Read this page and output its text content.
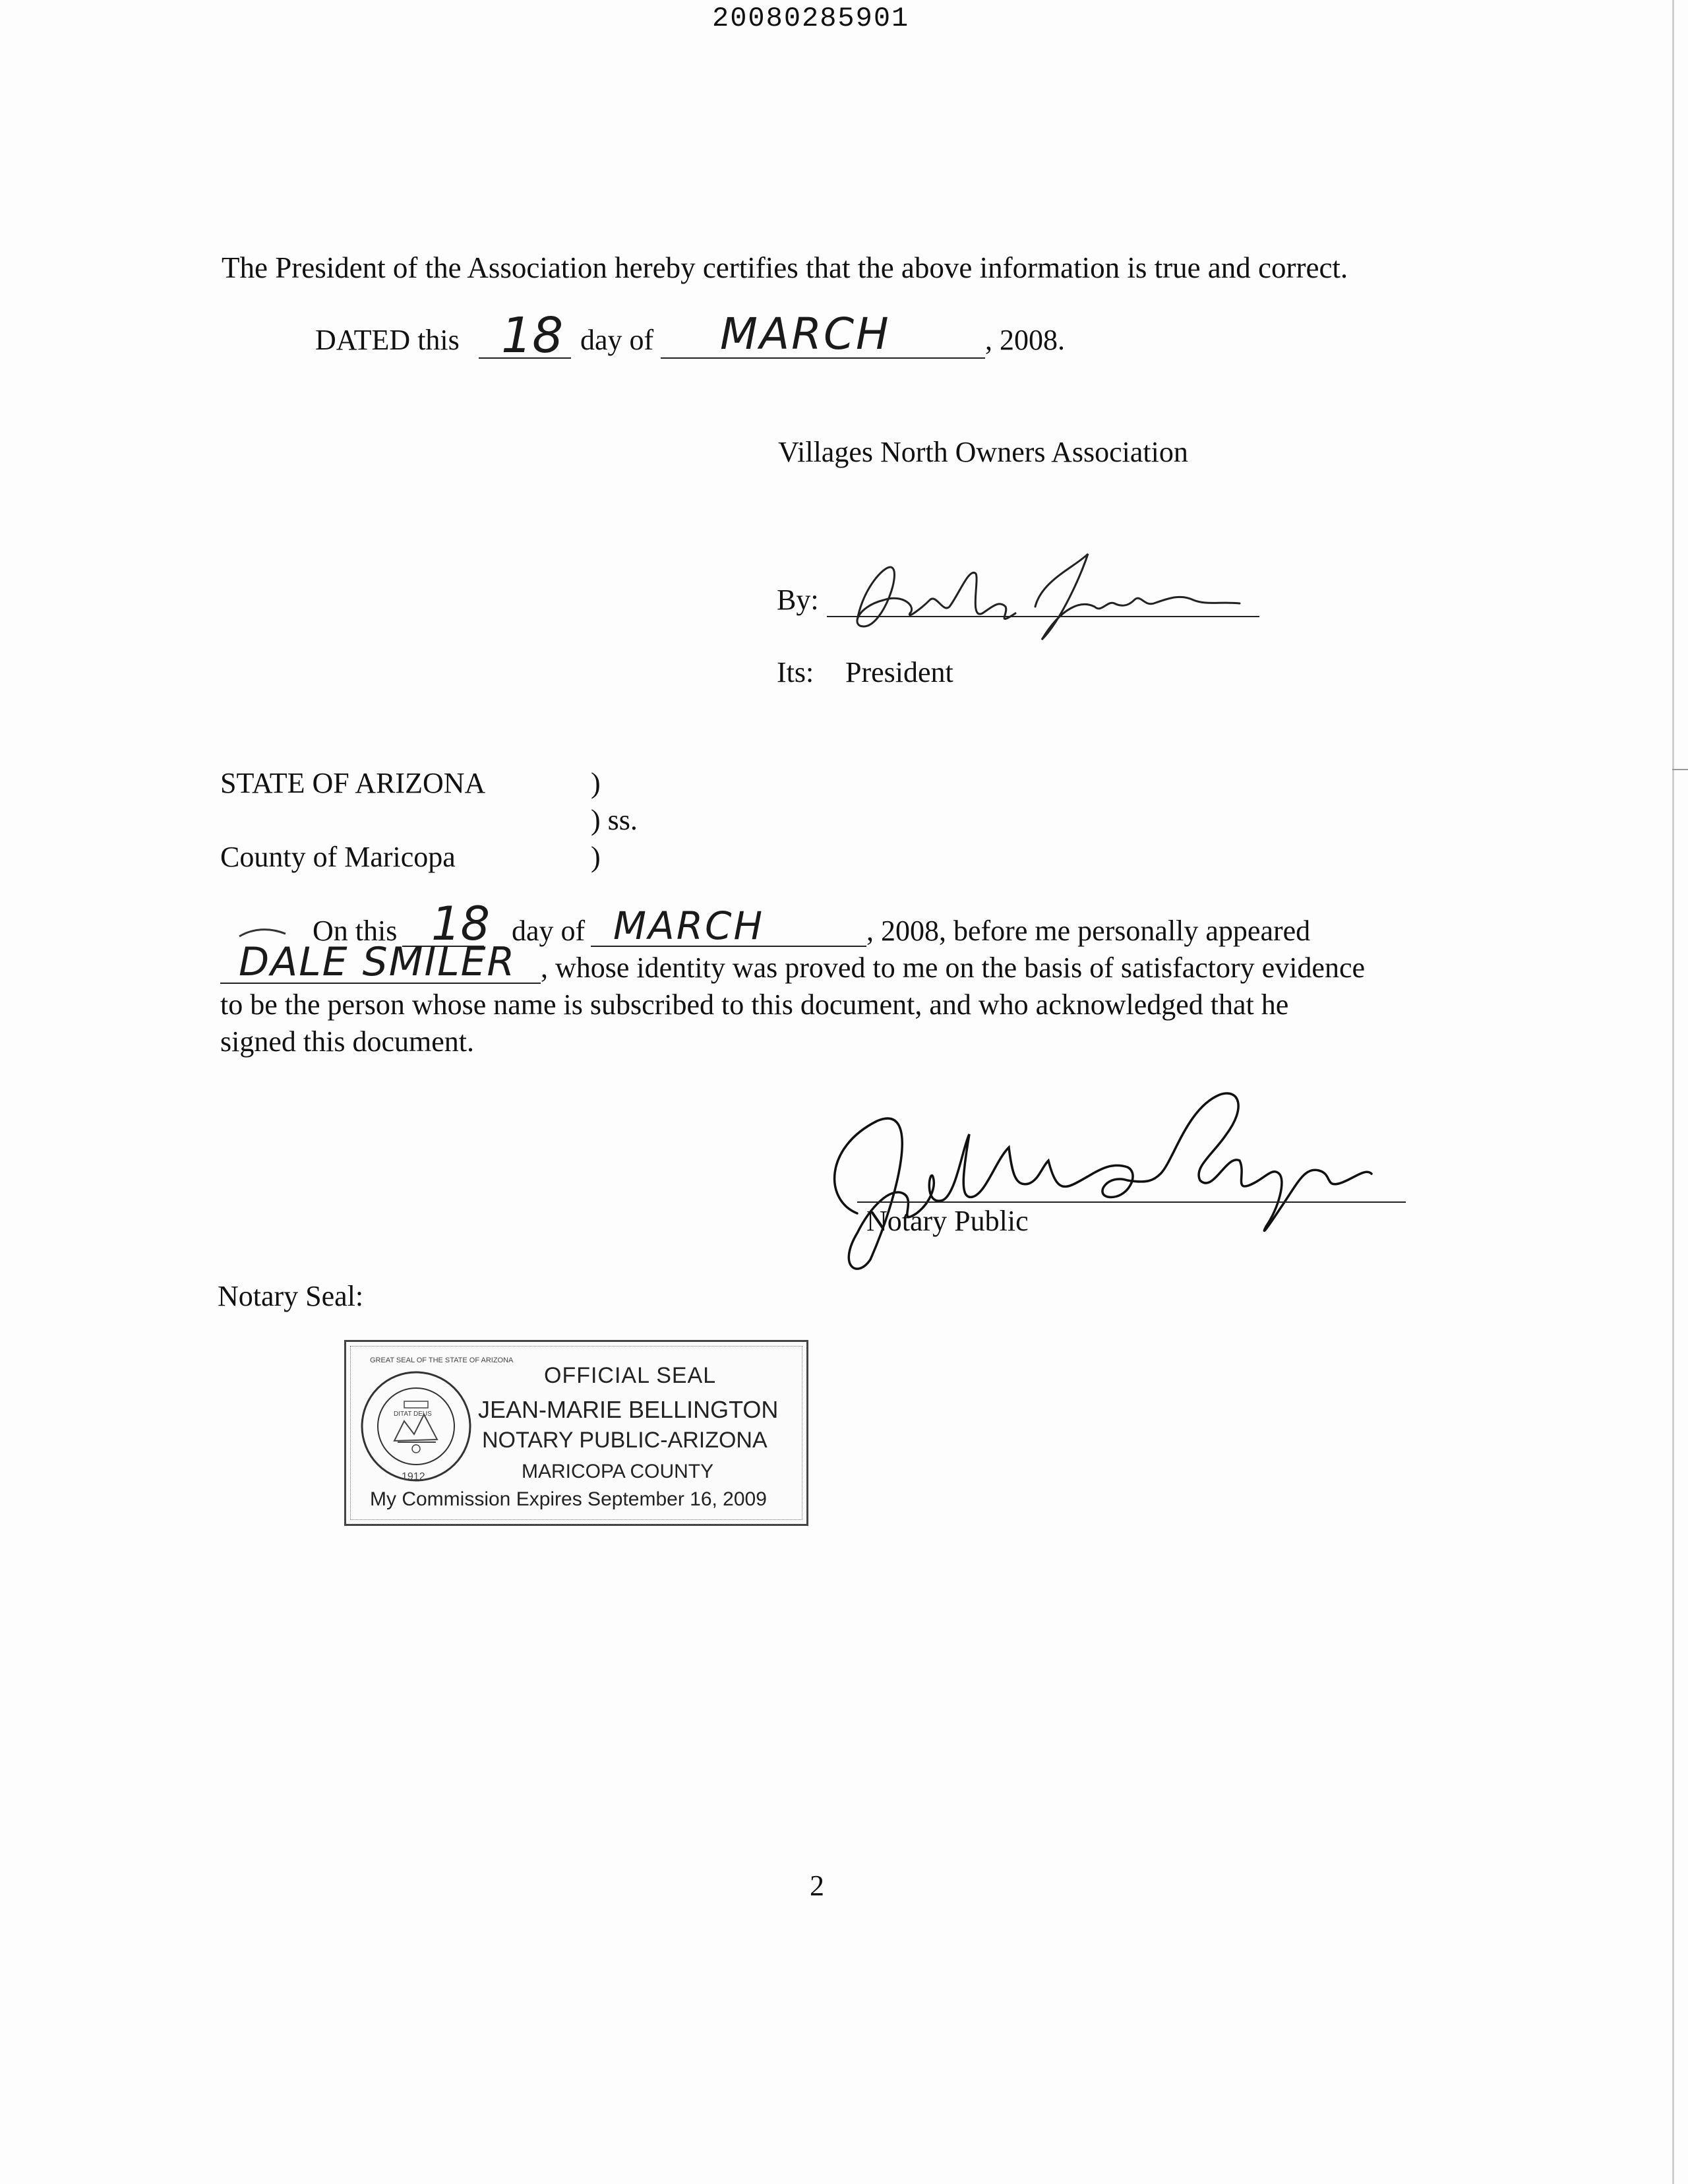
20080285901
The President of the Association hereby certifies that the above information is true and correct.
DATED this 18 day of MARCH	, 2008.
Villages North Owners Association
By:
Its: President
STATE OF ARIZONA	)
) ss.
County of Maricopa	)
On this 18 day of MARCH	, 2008, before me personally appeared
DALE SMILER , whose identity was proved to me on the basis of satisfactory evidence
to be the person whose name is subscribed to this document, and who acknowledged that he
signed this document.
Notary Public
Notary Seal:
1912
DITAT DEUS
GREAT SEAL OF THE STATE OF ARIZONA
OFFICIAL SEAL
JEAN-MARIE BELLINGTON
NOTARY PUBLIC-ARIZONA
MARICOPA COUNTY
My Commission Expires September 16, 2009
2
